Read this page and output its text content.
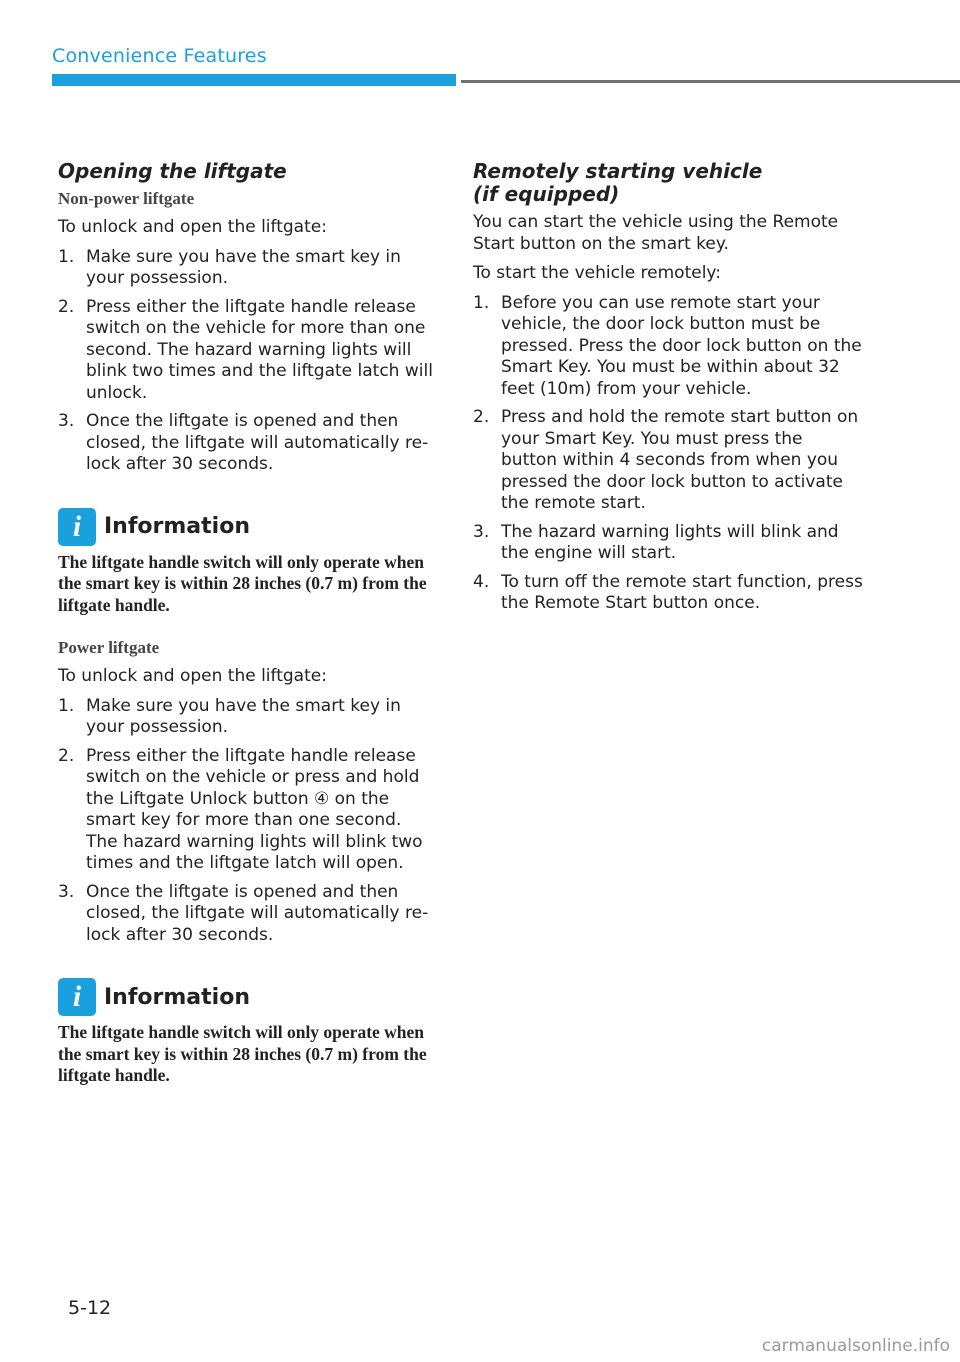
Convenience Features
Opening the liftgate
Non-power liftgate

To unlock and open the liftgate:

1. Make sure you have the smart key in your possession.
2. Press either the liftgate handle release switch on the vehicle for more than one second. The hazard warning lights will blink two times and the liftgate latch will unlock.
3. Once the liftgate is opened and then closed, the liftgate will automatically re-lock after 30 seconds.
i	Information

The liftgate handle switch will only operate when the smart key is within 28 inches (0.7 m) from the liftgate handle.

Power liftgate

To unlock and open the liftgate:

1. Make sure you have the smart key in your possession.
2. Press either the liftgate handle release switch on the vehicle or press and hold the Liftgate Unlock button ④ on the smart key for more than one second. The hazard warning lights will blink two times and the liftgate latch will open.
3. Once the liftgate is opened and then closed, the liftgate will automatically re-lock after 30 seconds.
i	Information

The liftgate handle switch will only operate when the smart key is within 28 inches (0.7 m) from the liftgate handle.

Remotely starting vehicle
(if equipped)

You can start the vehicle using the Remote Start button on the smart key.

To start the vehicle remotely:

1. Before you can use remote start your vehicle, the door lock button must be pressed. Press the door lock button on the Smart Key. You must be within about 32 feet (10m) from your vehicle.
2. Press and hold the remote start button on your Smart Key. You must press the button within 4 seconds from when you pressed the door lock button to activate the remote start.
3. The hazard warning lights will blink and the engine will start.
4. To turn off the remote start function, press the Remote Start button once.
5-12
carmanualsonline.info
